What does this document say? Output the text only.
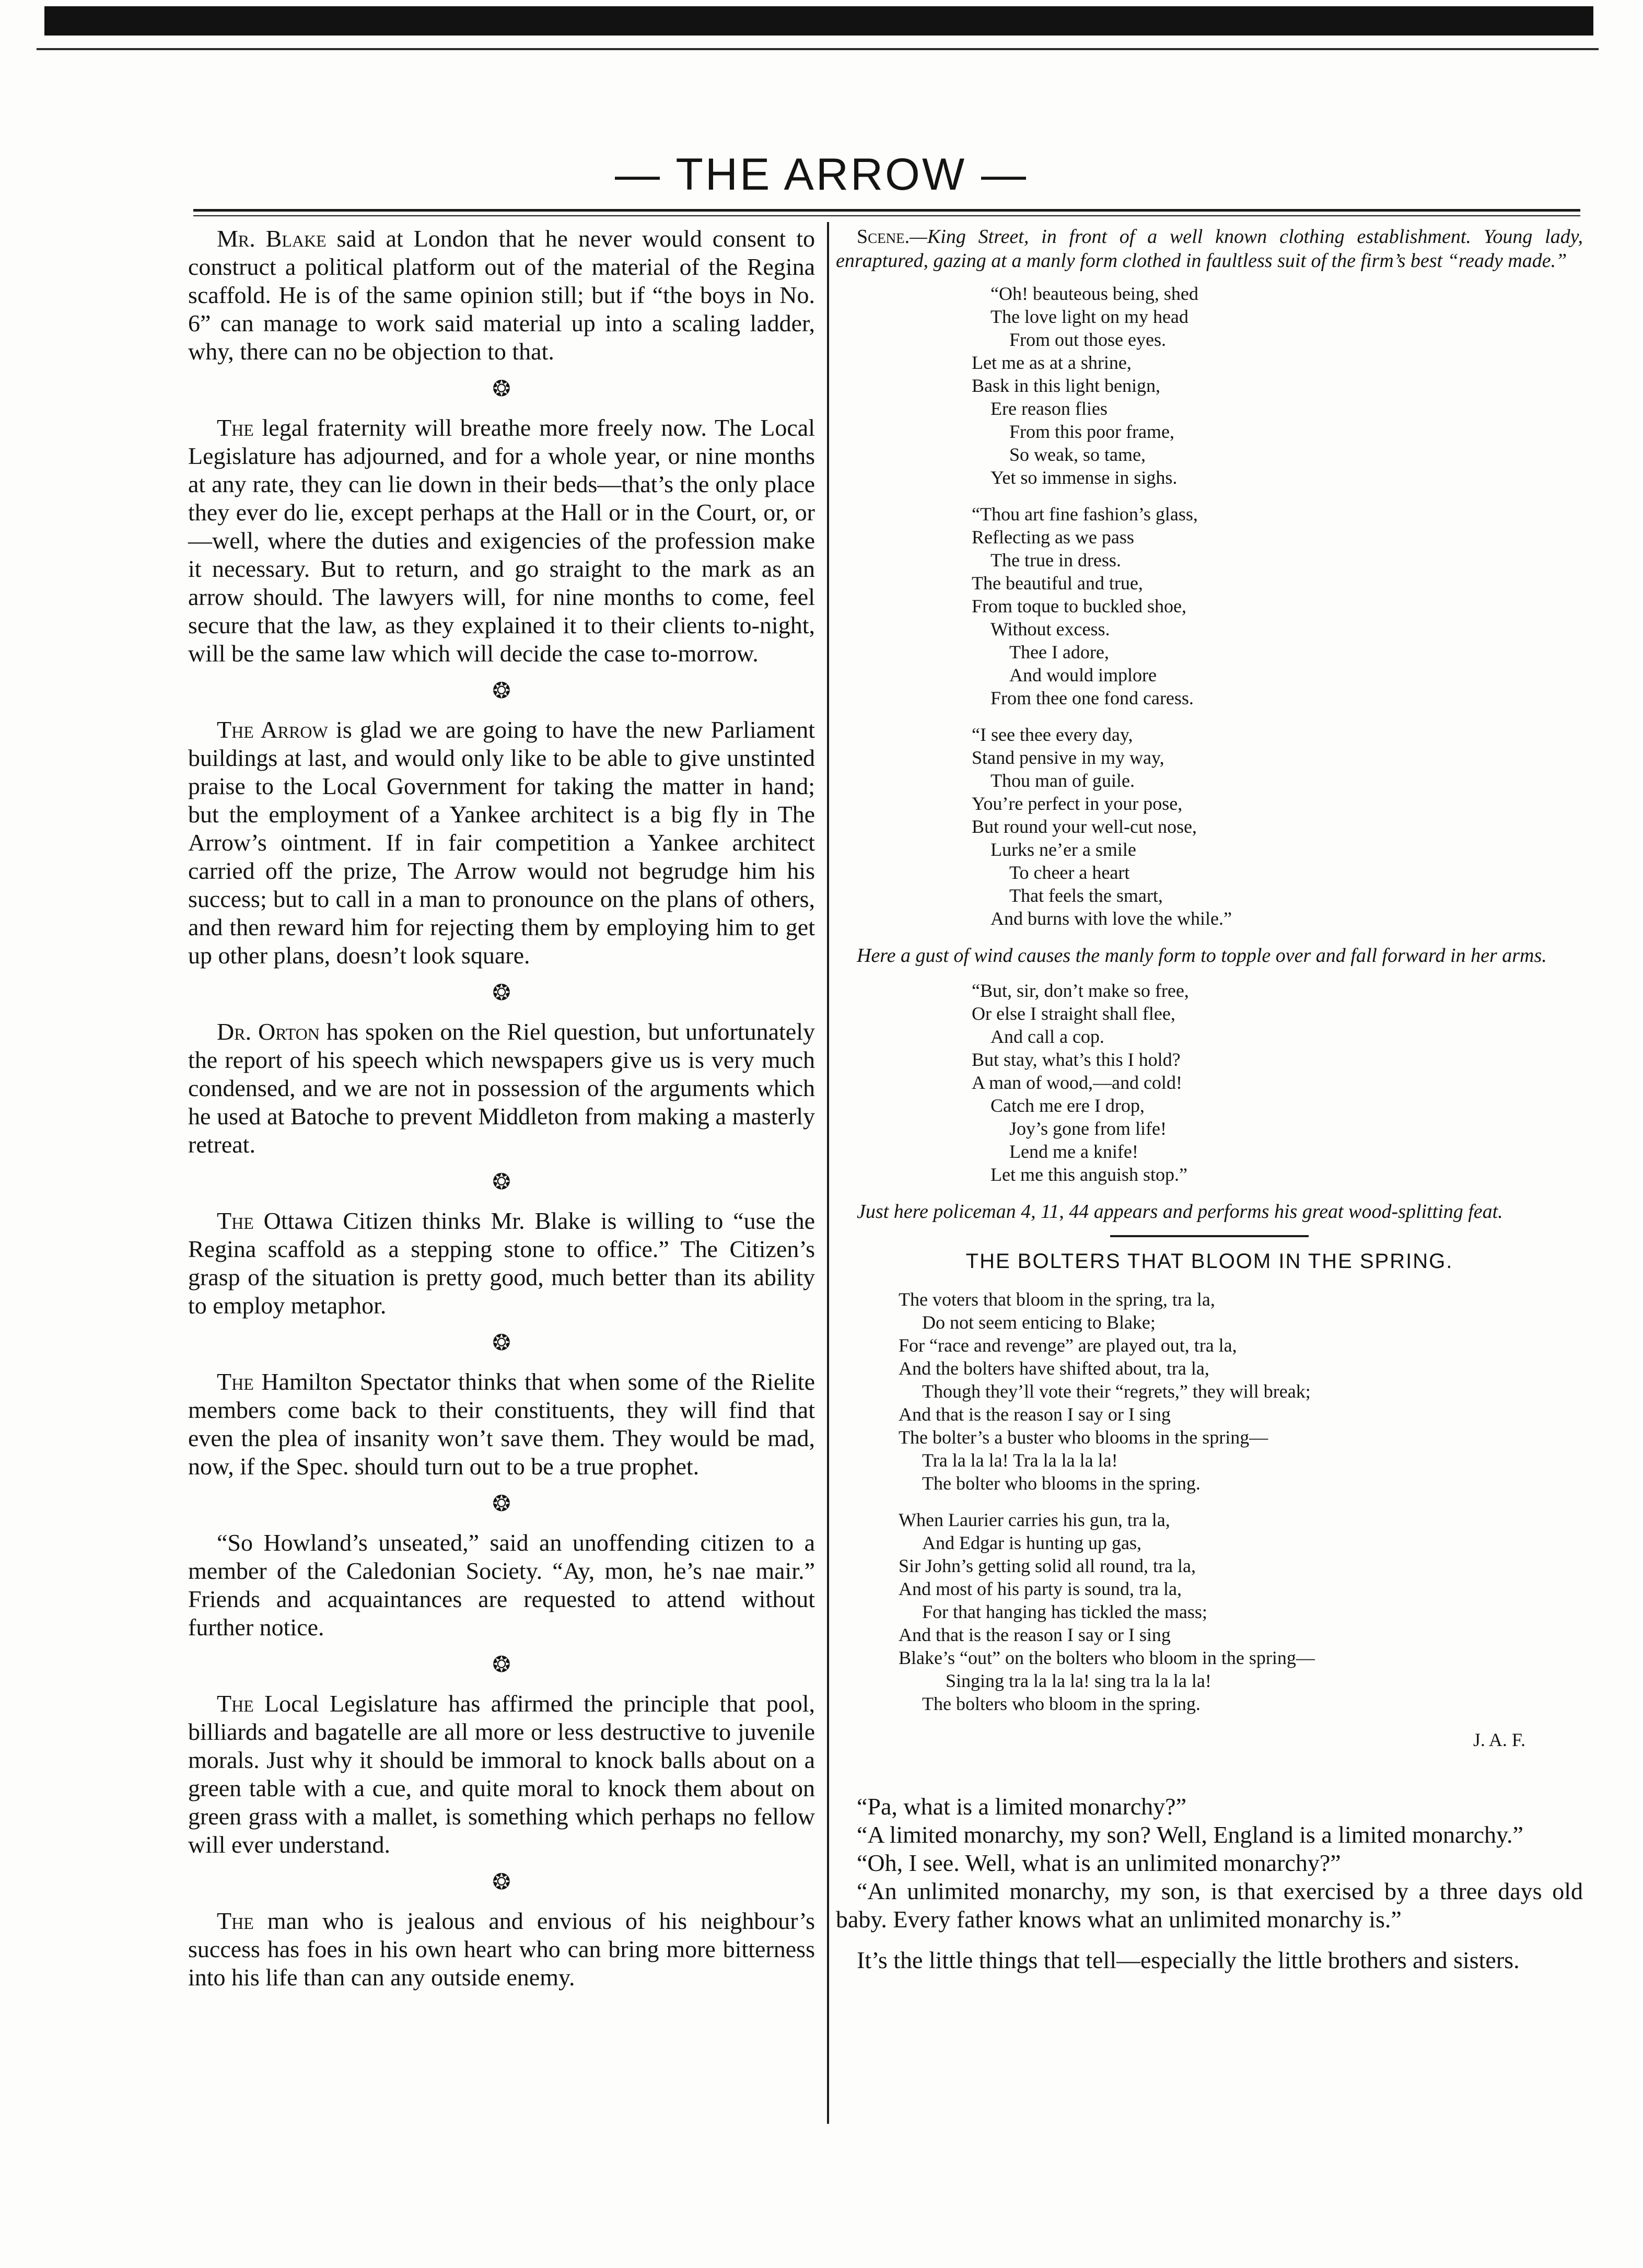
— THE ARROW —

Mr. Blake said at London that he never would consent to construct a political platform out of the material of the Regina scaffold. He is of the same opinion still; but if “the boys in No. 6” can manage to work said material up into a scaling ladder, why, there can no be objection to that.

❂

The legal fraternity will breathe more freely now. The Local Legislature has adjourned, and for a whole year, or nine months at any rate, they can lie down in their beds—that’s the only place they ever do lie, except perhaps at the Hall or in the Court, or, or—well, where the duties and exigencies of the profession make it necessary. But to return, and go straight to the mark as an arrow should. The lawyers will, for nine months to come, feel secure that the law, as they explained it to their clients to-night, will be the same law which will decide the case to-morrow.

❂

The Arrow is glad we are going to have the new Parliament buildings at last, and would only like to be able to give unstinted praise to the Local Government for taking the matter in hand; but the employment of a Yankee architect is a big fly in The Arrow’s ointment. If in fair competition a Yankee architect carried off the prize, The Arrow would not begrudge him his success; but to call in a man to pronounce on the plans of others, and then reward him for rejecting them by employing him to get up other plans, doesn’t look square.

❂

Dr. Orton has spoken on the Riel question, but unfortunately the report of his speech which newspapers give us is very much condensed, and we are not in possession of the arguments which he used at Batoche to prevent Middleton from making a masterly retreat.

❂

The Ottawa Citizen thinks Mr. Blake is willing to “use the Regina scaffold as a stepping stone to office.” The Citizen’s grasp of the situation is pretty good, much better than its ability to employ metaphor.

❂

The Hamilton Spectator thinks that when some of the Rielite members come back to their constituents, they will find that even the plea of insanity won’t save them. They would be mad, now, if the Spec. should turn out to be a true prophet.

❂

“So Howland’s unseated,” said an unoffending citizen to a member of the Caledonian Society. “Ay, mon, he’s nae mair.” Friends and acquaintances are requested to attend without further notice.

❂

The Local Legislature has affirmed the principle that pool, billiards and bagatelle are all more or less destructive to juvenile morals. Just why it should be immoral to knock balls about on a green table with a cue, and quite moral to knock them about on green grass with a mallet, is something which perhaps no fellow will ever understand.

❂

The man who is jealous and envious of his neighbour’s success has foes in his own heart who can bring more bitterness into his life than can any outside enemy.

Scene.—King Street, in front of a well known clothing establishment. Young lady, enraptured, gazing at a manly form clothed in faultless suit of the firm’s best “ready made.”

“Oh! beauteous being, shed
The love light on my head
From out those eyes.
Let me as at a shrine,
Bask in this light benign,
Ere reason flies
From this poor frame,
So weak, so tame,
Yet so immense in sighs.
“Thou art fine fashion’s glass,
Reflecting as we pass
The true in dress.
The beautiful and true,
From toque to buckled shoe,
Without excess.
Thee I adore,
And would implore
From thee one fond caress.
“I see thee every day,
Stand pensive in my way,
Thou man of guile.
You’re perfect in your pose,
But round your well-cut nose,
Lurks ne’er a smile
To cheer a heart
That feels the smart,
And burns with love the while.”

Here a gust of wind causes the manly form to topple over and fall forward in her arms.

“But, sir, don’t make so free,
Or else I straight shall flee,
And call a cop.
But stay, what’s this I hold?
A man of wood,—and cold!
Catch me ere I drop,
Joy’s gone from life!
Lend me a knife!
Let me this anguish stop.”

Just here policeman 4, 11, 44 appears and performs his great wood-splitting feat.

THE BOLTERS THAT BLOOM IN THE SPRING.

The voters that bloom in the spring, tra la,
Do not seem enticing to Blake;
For “race and revenge” are played out, tra la,
And the bolters have shifted about, tra la,
Though they’ll vote their “regrets,” they will break;
And that is the reason I say or I sing
The bolter’s a buster who blooms in the spring—
Tra la la la! Tra la la la la!
The bolter who blooms in the spring.
When Laurier carries his gun, tra la,
And Edgar is hunting up gas,
Sir John’s getting solid all round, tra la,
And most of his party is sound, tra la,
For that hanging has tickled the mass;
And that is the reason I say or I sing
Blake’s “out” on the bolters who bloom in the spring—
Singing tra la la la! sing tra la la la!
The bolters who bloom in the spring.

J. A. F.

“Pa, what is a limited monarchy?”

“A limited monarchy, my son? Well, England is a limited monarchy.”

“Oh, I see. Well, what is an unlimited monarchy?”

“An unlimited monarchy, my son, is that exercised by a three days old baby. Every father knows what an unlimited monarchy is.”

It’s the little things that tell—especially the little brothers and sisters.
